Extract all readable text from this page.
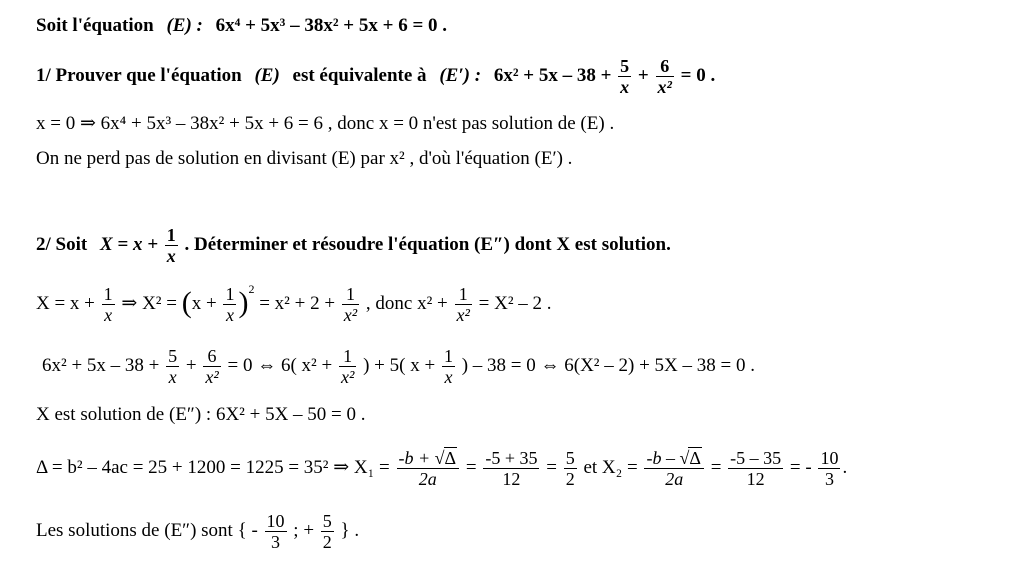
Soit l'équation (E) : 6x⁴ + 5x³ – 38x² + 5x + 6 = 0 .
1/ Prouver que l'équation (E) est équivalente à (E′) : $6x^2 + 5x - 38 + \frac{5}{x} + \frac{6}{\text{x²}} = 0$ .
x = 0 ⇒ 6x⁴ + 5x³ – 38x² + 5x + 6 = 6 , donc x = 0 n'est pas solution de (E) .
On ne perd pas de solution en divisant (E) par x² , d'où l'équation (E′) .
2/ Soit $X = x + \frac{1}{x}$ . Déterminer et résoudre l'équation (E″) dont X est solution.
$X = x + \frac{1}{x}$ ⇒ $X^2 = (x + \frac{1}{x} )^2 = x^2 + 2 + \frac{1}{\text{x²}}$ , donc $x^2 + \frac{1}{\text{x²}} = X^2 - 2$ .
$6x^2 + 5x - 38 + \frac{5}{x} + \frac{6}{\text{x²}} = 0$ ⇔ 6( $x^2 + \frac{1}{\text{x²}}$ ) + 5( $x + \frac{1}{x}$ ) – 38 = 0 ⇔ 6(X² – 2) + 5X – 38 = 0 .
X est solution de (E″) : 6X² + 5X – 50 = 0 .
Δ = b² – 4ac = 25 + 1200 = 1225 = 35² ⇒ $X_1 = \frac{-b + √\Delta}{2a} = \frac{-5 + 35}{12} = \frac{5}{2}$ et $X_2 = \frac{-b - √\Delta}{2a} = \frac{-5 - 35}{12}$ = - $\frac{10}{3}$ .
Les solutions de (E″) sont { - $\frac{10}{3}$ ; + $\frac{5}{2}$ } .
